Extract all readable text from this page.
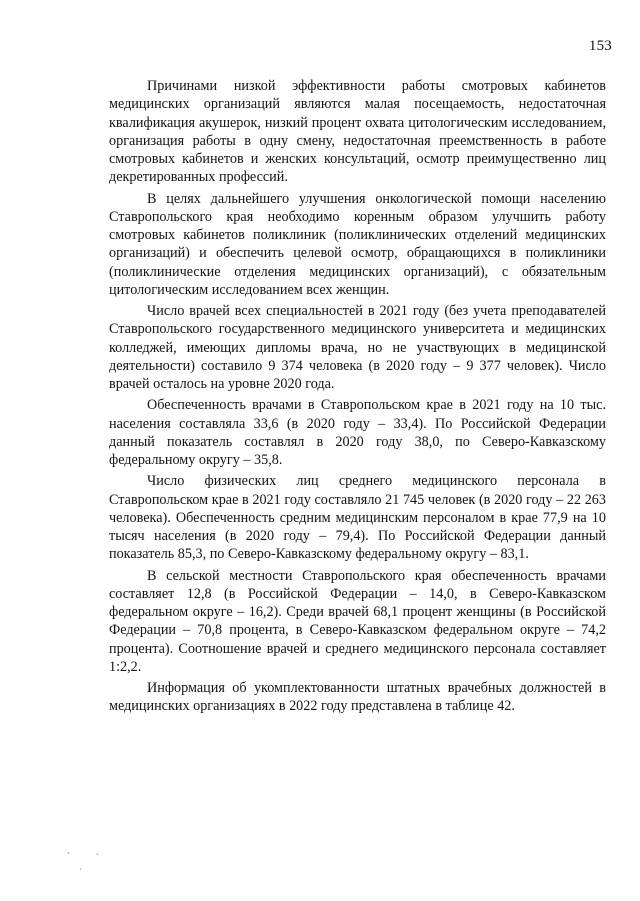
153

Причинами низкой эффективности работы смотровых кабинетов медицинских организаций являются малая посещаемость, недостаточная квалификация акушерок, низкий процент охвата цитологическим исследованием, организация работы в одну смену, недостаточная преемственность в работе смотровых кабинетов и женских консультаций, осмотр преимущественно лиц декретированных профессий.

В целях дальнейшего улучшения онкологической помощи населению Ставропольского края необходимо коренным образом улучшить работу смотровых кабинетов поликлиник (поликлинических отделений медицинских организаций) и обеспечить целевой осмотр, обращающихся в поликлиники (поликлинические отделения медицинских организаций), с обязательным цитологическим исследованием всех женщин.

Число врачей всех специальностей в 2021 году (без учета преподавателей Ставропольского государственного медицинского университета и медицинских колледжей, имеющих дипломы врача, но не участвующих в медицинской деятельности) составило 9 374 человека (в 2020 году – 9 377 человек). Число врачей осталось на уровне 2020 года.

Обеспеченность врачами в Ставропольском крае в 2021 году на 10 тыс. населения составляла 33,6 (в 2020 году – 33,4). По Российской Федерации данный показатель составлял в 2020 году 38,0, по Северо-Кавказскому федеральному округу – 35,8.

Число физических лиц среднего медицинского персонала в Ставропольском крае в 2021 году составляло 21 745 человек (в 2020 году – 22 263 человека). Обеспеченность средним медицинским персоналом в крае 77,9 на 10 тысяч населения (в 2020 году – 79,4). По Российской Федерации данный показатель 85,3, по Северо-Кавказскому федеральному округу – 83,1.

В сельской местности Ставропольского края обеспеченность врачами составляет 12,8 (в Российской Федерации – 14,0, в Северо-Кавказском федеральном округе – 16,2). Среди врачей 68,1 процент женщины (в Российской Федерации – 70,8 процента, в Северо-Кавказском федеральном округе – 74,2 процента). Соотношение врачей и среднего медицинского персонала составляет 1:2,2.

Информация об укомплектованности штатных врачебных должностей в медицинских организациях в 2022 году представлена в таблице 42.

ˋ
ˌ
ˋ
